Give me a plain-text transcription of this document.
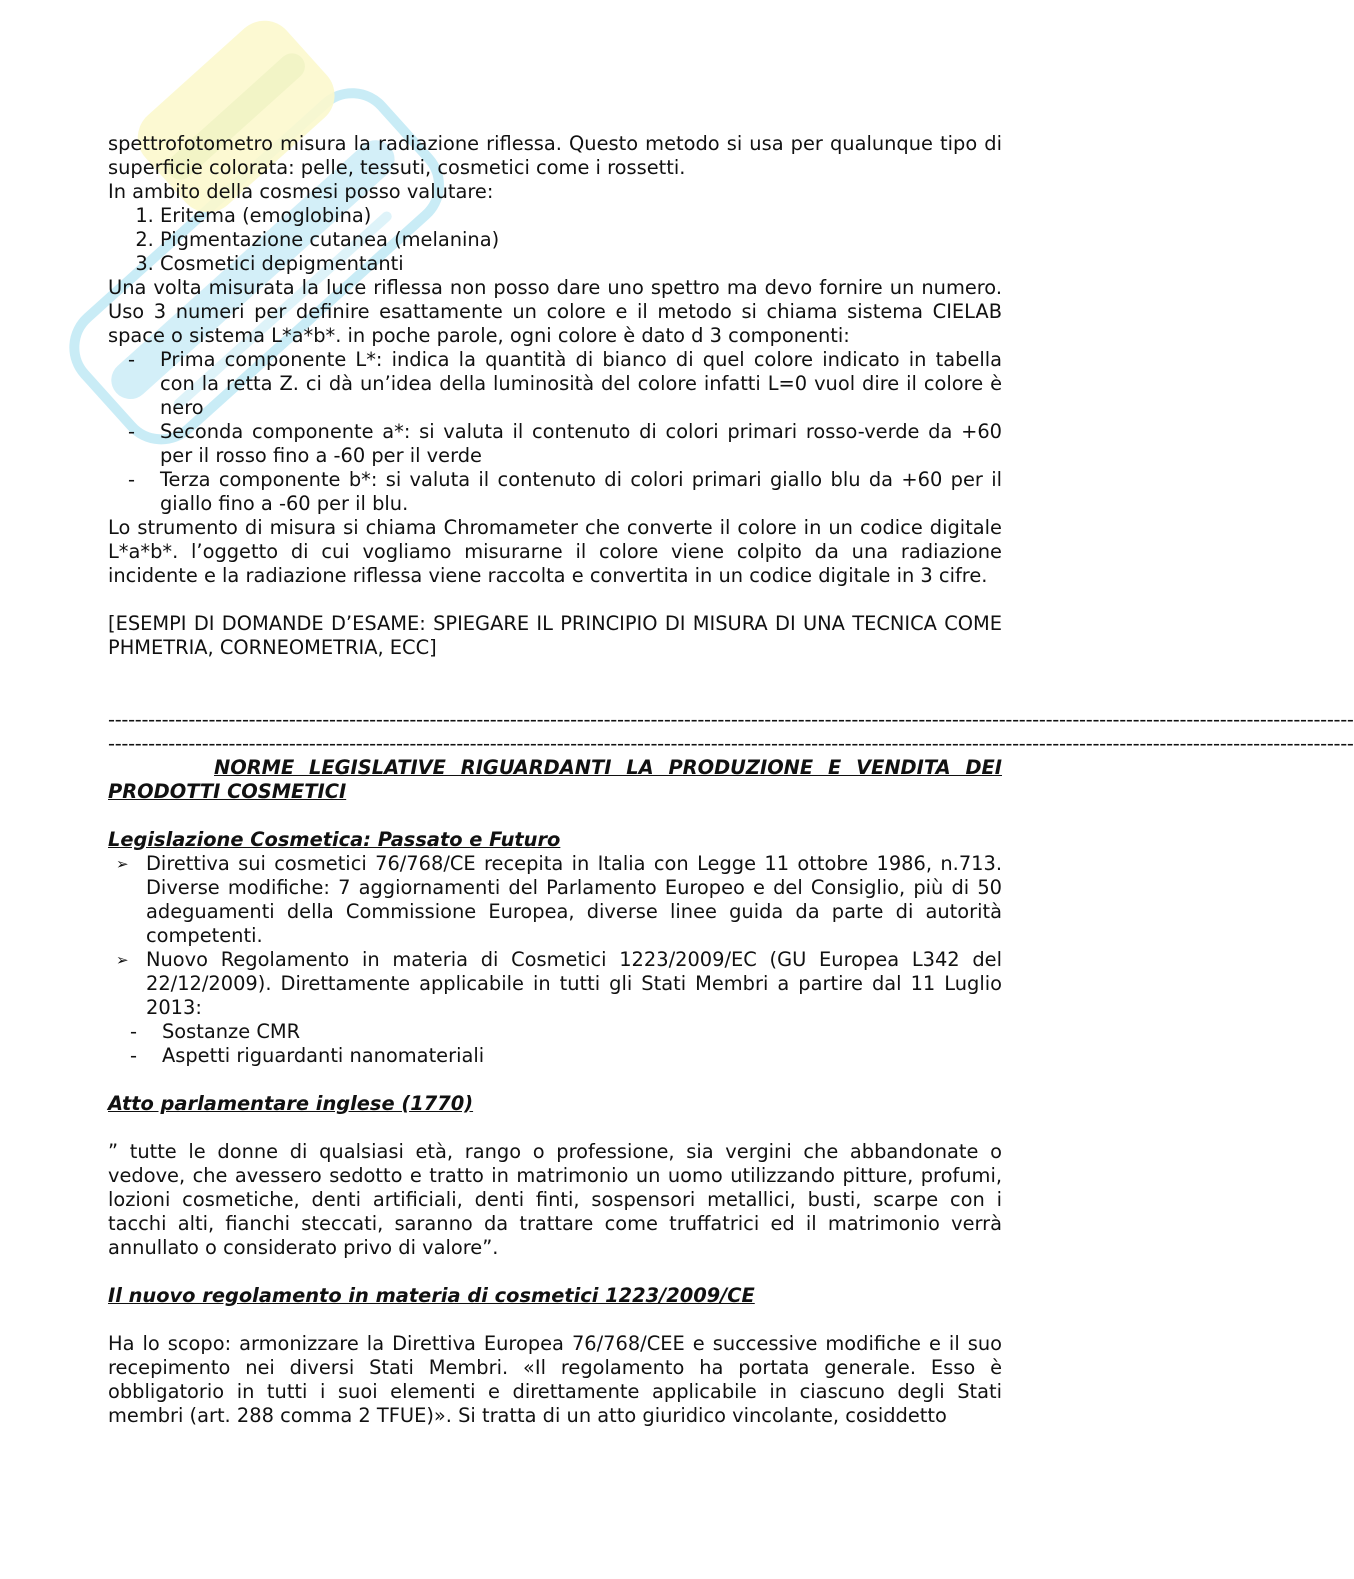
spettrofotometro misura la radiazione riflessa. Questo metodo si usa per qualunque tipo di superficie colorata: pelle, tessuti, cosmetici come i rossetti.

In ambito della cosmesi posso valutare:

1. Eritema (emoglobina)
2. Pigmentazione cutanea (melanina)
3. Cosmetici depigmentanti

Una volta misurata la luce riflessa non posso dare uno spettro ma devo fornire un numero. Uso 3 numeri per definire esattamente un colore e il metodo si chiama sistema CIELAB space o sistema L*a*b*. in poche parole, ogni colore è dato d 3 componenti:

- Prima componente L*: indica la quantità di bianco di quel colore indicato in tabella con la retta Z. ci dà un’idea della luminosità del colore infatti L=0 vuol dire il colore è nero
- Seconda componente a*: si valuta il contenuto di colori primari rosso-verde da +60 per il rosso fino a -60 per il verde
- Terza componente b*: si valuta il contenuto di colori primari giallo blu da +60 per il giallo fino a -60 per il blu.

Lo strumento di misura si chiama Chromameter che converte il colore in un codice digitale L*a*b*. l’oggetto di cui vogliamo misurarne il colore viene colpito da una radiazione incidente e la radiazione riflessa viene raccolta e convertita in un codice digitale in 3 cifre.

[ESEMPI DI DOMANDE D’ESAME: SPIEGARE IL PRINCIPIO DI MISURA DI UNA TECNICA COME PHMETRIA, CORNEOMETRIA, ECC]

------------------------------------------------------------------------------------------------------------------------------------------------------------------------------------------
------------------------------------------------------------------------------------------------------------------------------------------------------------------------------------------

NORME LEGISLATIVE RIGUARDANTI LA PRODUZIONE E VENDITA DEI PRODOTTI COSMETICI

Legislazione Cosmetica: Passato e Futuro

➢ Direttiva sui cosmetici 76/768/CE recepita in Italia con Legge 11 ottobre 1986, n.713. Diverse modifiche: 7 aggiornamenti del Parlamento Europeo e del Consiglio, più di 50 adeguamenti della Commissione Europea, diverse linee guida da parte di autorità competenti.
➢ Nuovo Regolamento in materia di Cosmetici 1223/2009/EC (GU Europea L342 del 22/12/2009). Direttamente applicabile in tutti gli Stati Membri a partire dal 11 Luglio 2013:
- Sostanze CMR
- Aspetti riguardanti nanomateriali

Atto parlamentare inglese (1770)

” tutte le donne di qualsiasi età, rango o professione, sia vergini che abbandonate o vedove, che avessero sedotto e tratto in matrimonio un uomo utilizzando pitture, profumi, lozioni cosmetiche, denti artificiali, denti finti, sospensori metallici, busti, scarpe con i tacchi alti, fianchi steccati, saranno da trattare come truffatrici ed il matrimonio verrà annullato o considerato privo di valore”.

Il nuovo regolamento in materia di cosmetici 1223/2009/CE

Ha lo scopo: armonizzare la Direttiva Europea 76/768/CEE e successive modifiche e il suo recepimento nei diversi Stati Membri. «Il regolamento ha portata generale. Esso è obbligatorio in tutti i suoi elementi e direttamente applicabile in ciascuno degli Stati membri (art. 288 comma 2 TFUE)». Si tratta di un atto giuridico vincolante, cosiddetto
